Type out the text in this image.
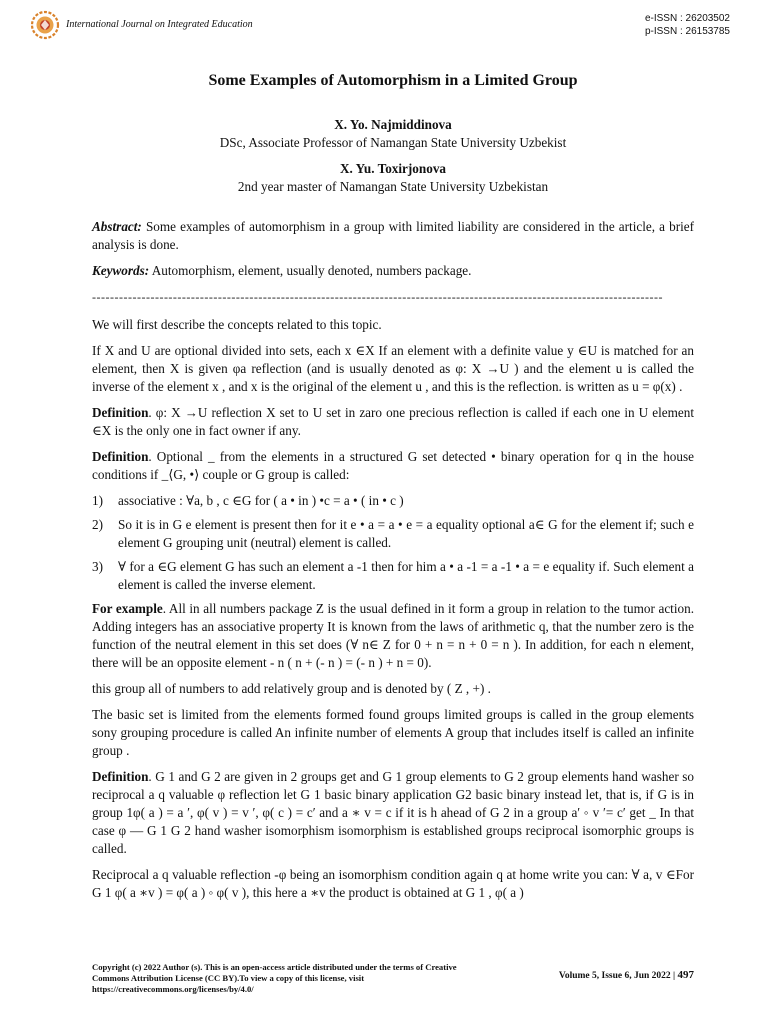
International Journal on Integrated Education
e-ISSN : 26203502
p-ISSN : 26153785
Some Examples of Automorphism in a Limited Group
X. Yo. Najmiddinova
DSc, Associate Professor of Namangan State University Uzbekist
X. Yu. Toxirjonova
2nd year master of Namangan State University Uzbekistan

Abstract: Some examples of automorphism in a group with limited liability are considered in the article, a brief analysis is done.

Keywords: Automorphism, element, usually denoted, numbers package.

-------------------------------------------------------------------------------------------------------------------------------

We will first describe the concepts related to this topic.

If X and U are optional divided into sets, each x ∈X If an element with a definite value y ∈U is matched for an element, then X is given φa reflection (and is usually denoted as φ: X →U ) and the element u is called the inverse of the element x , and x is the original of the element u , and this is the reflection. is written as u = φ(x) .

Definition. φ: X →U reflection X set to U set in zaro one precious reflection is called if each one in U element ∈X is the only one in fact owner if any.

Definition. Optional _ from the elements in a structured G set detected • binary operation for q in the house conditions if _⟨G, •⟩ couple or G group is called:

1) associative : ∀a, b , c ∈G for ( a • in ) •c = a • ( in • c )
2) So it is in G e element is present then for it e • a = a • e = a equality optional a∈ G for the element if; such e element G grouping unit (neutral) element is called.
3) ∀ for a ∈G element G has such an element a -1 then for him a • a -1 = a -1 • a = e equality if. Such element a element is called the inverse element.

For example. All in all numbers package Z is the usual defined in it form a group in relation to the tumor action. Adding integers has an associative property It is known from the laws of arithmetic q, that the number zero is the function of the neutral element in this set does (∀ n∈ Z for 0 + n = n + 0 = n ). In addition, for each n element, there will be an opposite element - n ( n + (- n ) = (- n ) + n = 0).

this group all of numbers to add relatively group and is denoted by ( Z , +) .

The basic set is limited from the elements formed found groups limited groups is called in the group elements sony grouping procedure is called An infinite number of elements A group that includes itself is called an infinite group .

Definition. G 1 and G 2 are given in 2 groups get and G 1 group elements to G 2 group elements hand washer so reciprocal a q valuable φ reflection let G 1 basic binary application G2 basic binary instead let, that is, if G is in group 1φ( a ) = a ′, φ( v ) = v ′, φ( c ) = c′ and a ∗ v = c if it is h ahead of G 2 in a group a′ ◦ v ′= c′ get _ In that case φ — G 1 G 2 hand washer isomorphism isomorphism is established groups reciprocal isomorphic groups is called.

Reciprocal a q valuable reflection -φ being an isomorphism condition again q at home write you can: ∀ a, v ∈For G 1 φ( a ∗v ) = φ( a ) ◦ φ( v ), this here a ∗v the product is obtained at G 1 , φ( a )

Copyright (c) 2022 Author (s). This is an open-access article distributed under the terms of Creative Commons Attribution License (CC BY).To view a copy of this license, visit https://creativecommons.org/licenses/by/4.0/
Volume 5, Issue 6, Jun 2022 | 497
